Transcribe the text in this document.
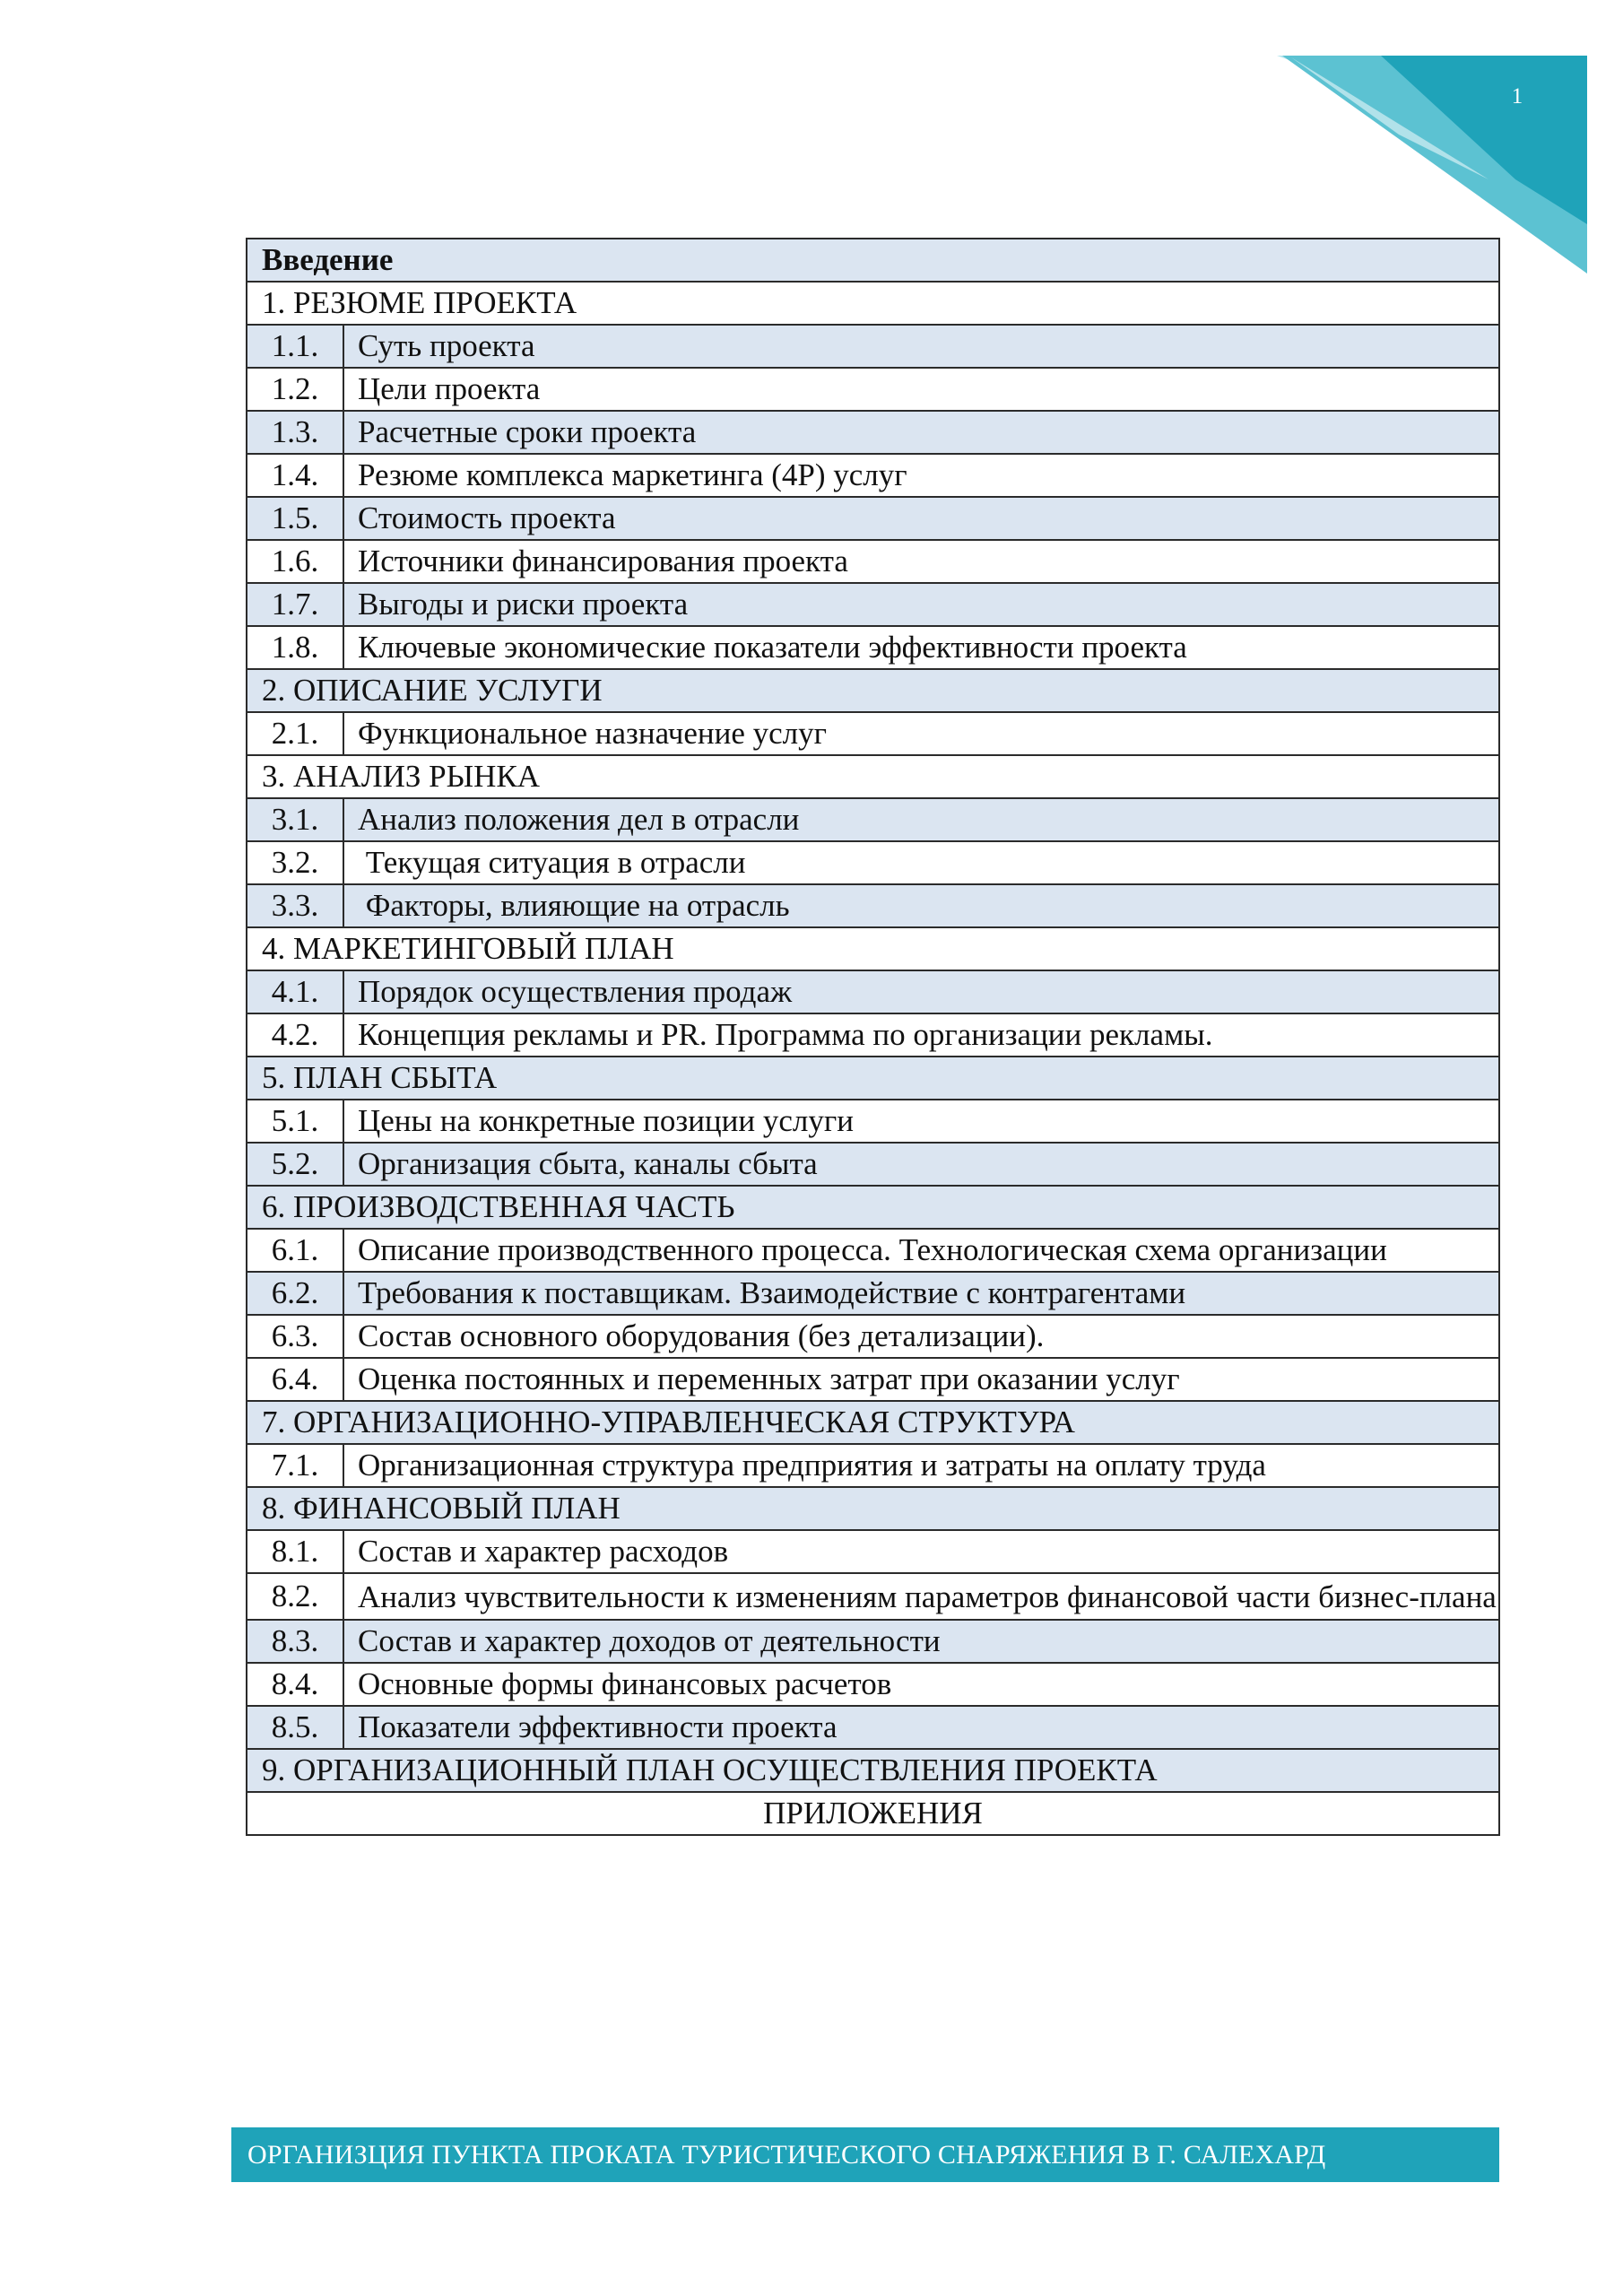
1
Введение	
1. РЕЗЮМЕ ПРОЕКТА	
1.1.	Суть проекта
1.2.	Цели проекта
1.3.	Расчетные сроки проекта
1.4.	Резюме комплекса маркетинга (4P) услуг
1.5.	Стоимость проекта
1.6.	Источники финансирования проекта
1.7.	Выгоды и риски проекта
1.8.	Ключевые экономические показатели эффективности проекта
2. ОПИСАНИЕ УСЛУГИ	
2.1.	Функциональное назначение услуг
3. АНАЛИЗ РЫНКА	
3.1.	Анализ положения дел в отрасли
3.2.	Текущая ситуация в отрасли
3.3.	Факторы, влияющие на отрасль
4. МАРКЕТИНГОВЫЙ ПЛАН	
4.1.	Порядок осуществления продаж
4.2.	Концепция рекламы и PR. Программа по организации рекламы.
5. ПЛАН СБЫТА	
5.1.	Цены на конкретные позиции услуги
5.2.	Организация сбыта, каналы сбыта
6. ПРОИЗВОДСТВЕННАЯ ЧАСТЬ	
6.1.	Описание производственного процесса. Технологическая схема организации
6.2.	Требования к поставщикам. Взаимодействие с контрагентами
6.3.	Состав основного оборудования (без детализации).
6.4.	Оценка постоянных и переменных затрат при оказании услуг
7. ОРГАНИЗАЦИОННО-УПРАВЛЕНЧЕСКАЯ СТРУКТУРА	
7.1.	Организационная структура предприятия и затраты на оплату труда
8. ФИНАНСОВЫЙ ПЛАН	
8.1.	Состав и характер расходов
8.2.	Анализ чувствительности к изменениям параметров финансовой части бизнес-плана
8.3.	Состав и характер доходов от деятельности
8.4.	Основные формы финансовых расчетов
8.5.	Показатели эффективности проекта
9. ОРГАНИЗАЦИОННЫЙ ПЛАН ОСУЩЕСТВЛЕНИЯ ПРОЕКТА	
ПРИЛОЖЕНИЯ	
ОРГАНИЗЦИЯ ПУНКТА ПРОКАТА ТУРИСТИЧЕСКОГО СНАРЯЖЕНИЯ В Г. САЛЕХАРД
